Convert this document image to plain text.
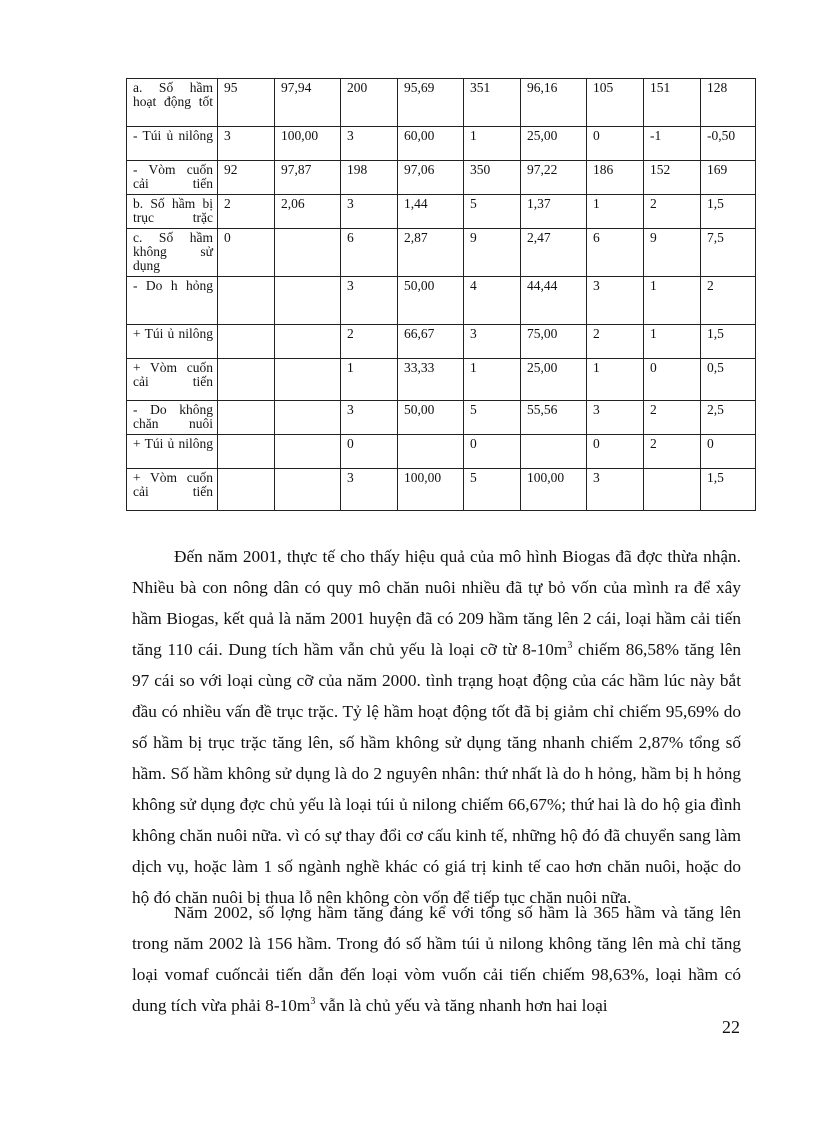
a. Số hầm hoạt động tốt	95	97,94	200	95,69	351	96,16	105	151	128
- Túi ủ nilông	3	100,00	3	60,00	1	25,00	0	-1	-0,50
- Vòm cuốn cải tiến	92	97,87	198	97,06	350	97,22	186	152	169
b. Số hầm bị trục trặc	2	2,06	3	1,44	5	1,37	1	2	1,5
c. Số hầm không sử dụng	0		6	2,87	9	2,47	6	9	7,5
- Do h hỏng			3	50,00	4	44,44	3	1	2
+ Túi ủ nilông			2	66,67	3	75,00	2	1	1,5
+ Vòm cuốn cải tiến			1	33,33	1	25,00	1	0	0,5
- Do không chăn nuôi			3	50,00	5	55,56	3	2	2,5
+ Túi ủ nilông			0		0		0	2	0
+ Vòm cuốn cải tiến			3	100,00	5	100,00	3		1,5

Đến năm 2001, thực tế cho thấy hiệu quả của mô hình Biogas đã đợc thừa nhận. Nhiều bà con nông dân có quy mô chăn nuôi nhiều đã tự bỏ vốn của mình ra để xây hầm Biogas, kết quả là năm 2001 huyện đã có 209 hầm tăng lên 2 cái, loại hầm cải tiến tăng 110 cái. Dung tích hầm vẫn chủ yếu là loại cỡ từ $8-10m^3$ chiếm 86,58% tăng lên 97 cái so với loại cùng cỡ của năm 2000. tình trạng hoạt động của các hầm lúc này bắt đầu có nhiều vấn đề trục trặc. Tỷ lệ hầm hoạt động tốt đã bị giảm chỉ chiếm 95,69% do số hầm bị trục trặc tăng lên, số hầm không sử dụng tăng nhanh chiếm 2,87% tổng số hầm. Số hầm không sử dụng là do 2 nguyên nhân: thứ nhất là do h hỏng, hầm bị h hỏng không sử dụng đợc chủ yếu là loại túi ủ nilong chiếm 66,67%; thứ hai là do hộ gia đình không chăn nuôi nữa. vì có sự thay đổi cơ cấu kinh tế, những hộ đó đã chuyển sang làm dịch vụ, hoặc làm 1 số ngành nghề khác có giá trị kinh tế cao hơn chăn nuôi, hoặc do hộ đó chăn nuôi bị thua lỗ nên không còn vốn để tiếp tục chăn nuôi nữa.

Năm 2002, số lợng hầm tăng đáng kể với tổng số hầm là 365 hầm và tăng lên trong năm 2002 là 156 hầm. Trong đó số hầm túi ủ nilong không tăng lên mà chỉ tăng loại vomaf cuốncải tiến dẫn đến loại vòm vuốn cải tiến chiếm 98,63%, loại hầm có dung tích vừa phải $8-10m^3$ vẫn là chủ yếu và tăng nhanh hơn hai loại

22
